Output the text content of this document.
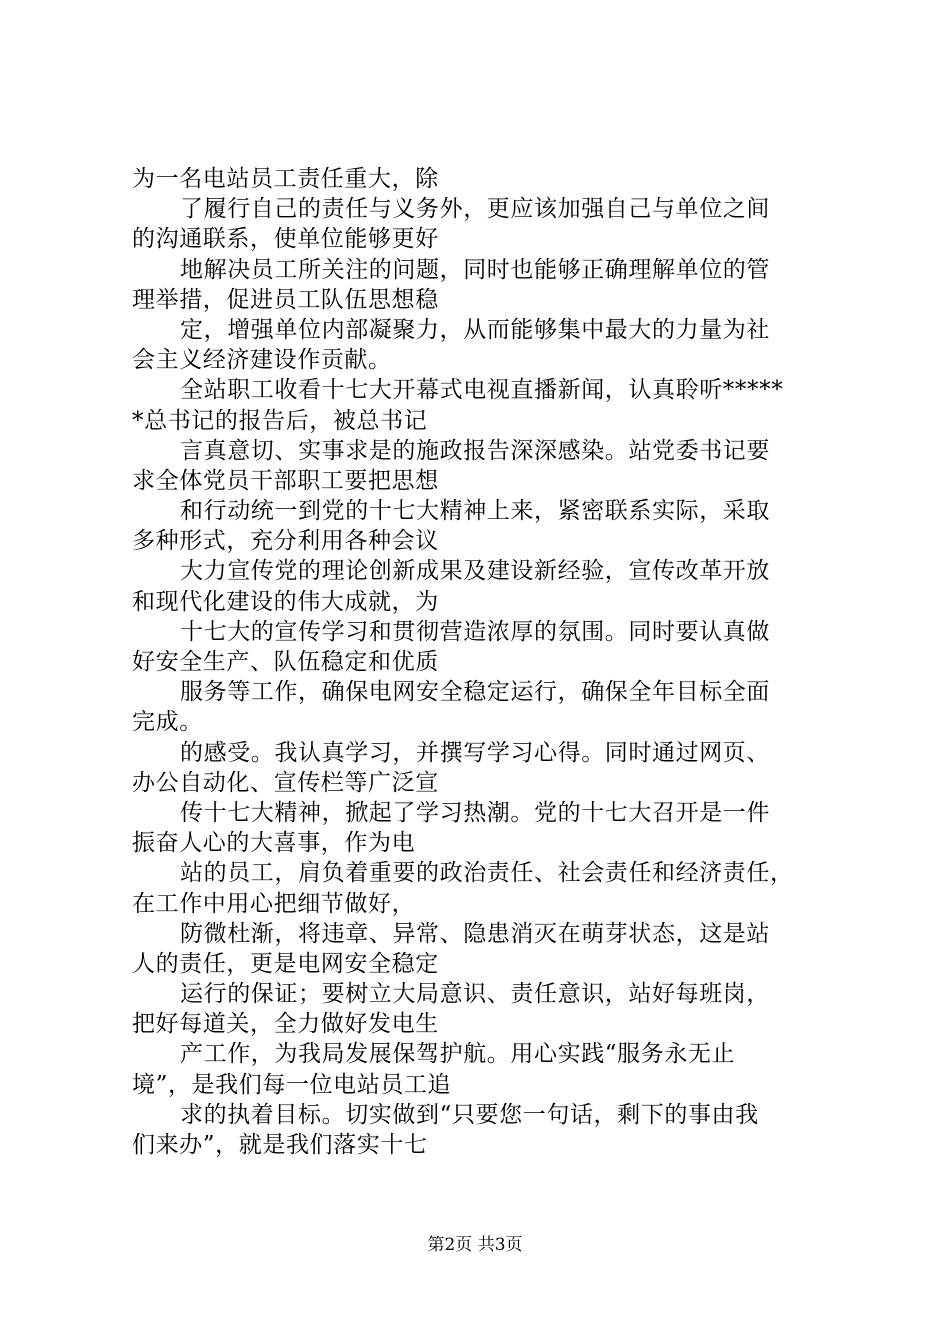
为一名电站员工责任重大，除
了履行自己的责任与义务外，更应该加强自己与单位之间
的沟通联系，使单位能够更好
地解决员工所关注的问题，同时也能够正确理解单位的管
理举措，促进员工队伍思想稳
定，增强单位内部凝聚力，从而能够集中最大的力量为社
会主义经济建设作贡献。
全站职工收看十七大开幕式电视直播新闻，认真聆听*****
*总书记的报告后，被总书记
言真意切、实事求是的施政报告深深感染。站党委书记要
求全体党员干部职工要把思想
和行动统一到党的十七大精神上来，紧密联系实际，采取
多种形式，充分利用各种会议
大力宣传党的理论创新成果及建设新经验，宣传改革开放
和现代化建设的伟大成就，为
十七大的宣传学习和贯彻营造浓厚的氛围。同时要认真做
好安全生产、队伍稳定和优质
服务等工作，确保电网安全稳定运行，确保全年目标全面
完成。
的感受。我认真学习，并撰写学习心得。同时通过网页、
办公自动化、宣传栏等广泛宣
传十七大精神，掀起了学习热潮。党的十七大召开是一件
振奋人心的大喜事，作为电
站的员工，肩负着重要的政治责任、社会责任和经济责任，
在工作中用心把细节做好，
防微杜渐，将违章、异常、隐患消灭在萌芽状态，这是站
人的责任，更是电网安全稳定
运行的保证；要树立大局意识、责任意识，站好每班岗，
把好每道关，全力做好发电生
产工作，为我局发展保驾护航。用心实践“服务永无止
境”，是我们每一位电站员工追
求的执着目标。切实做到“只要您一句话，剩下的事由我
们来办”，就是我们落实十七
第2页 共3页
